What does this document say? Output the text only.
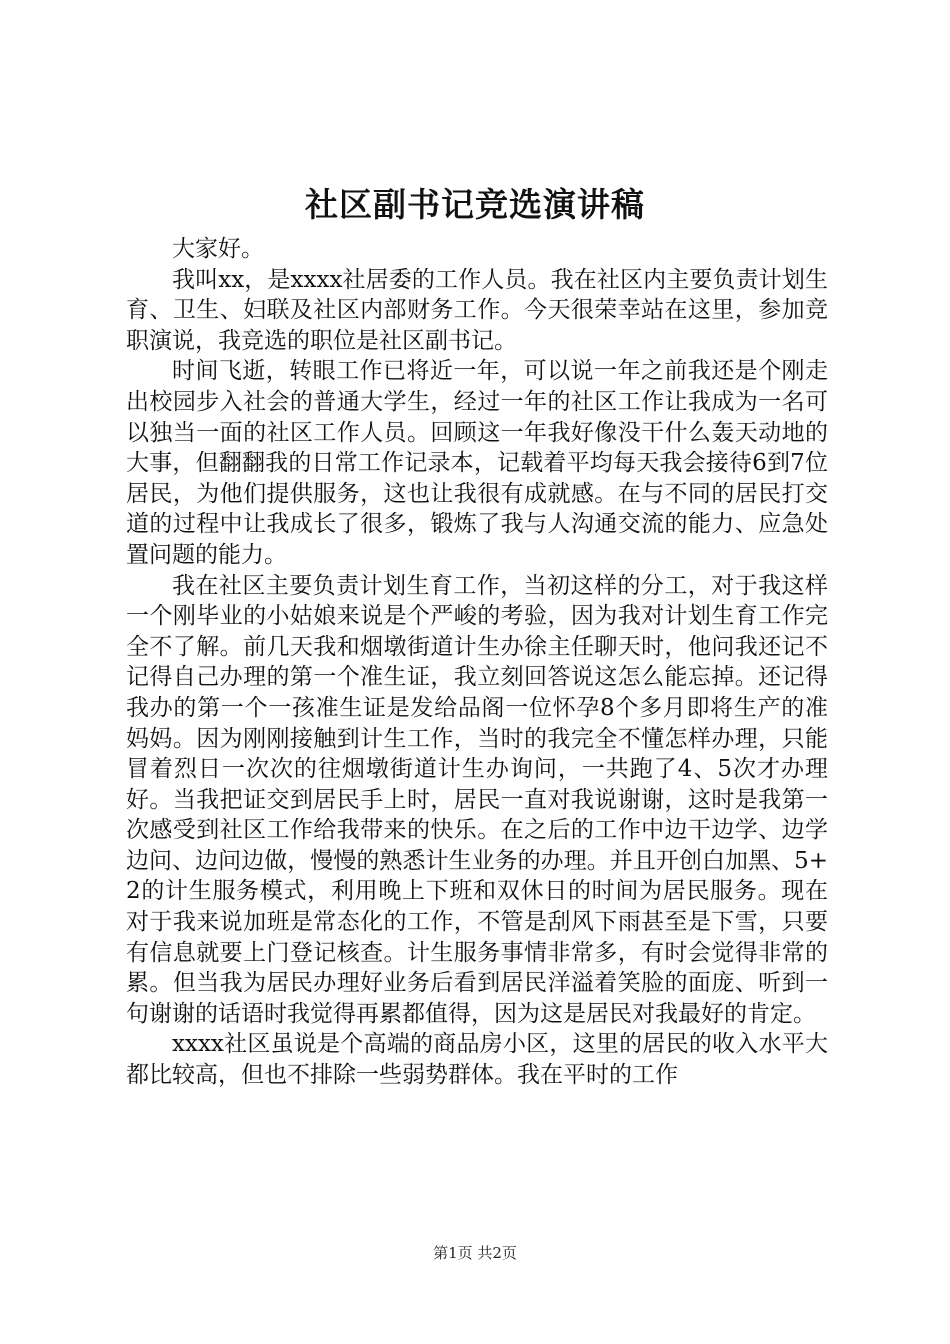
社区副书记竞选演讲稿

大家好。

我叫xx，是xxxx社居委的工作人员。我在社区内主要负责计划生育、卫生、妇联及社区内部财务工作。今天很荣幸站在这里，参加竞职演说，我竞选的职位是社区副书记。

时间飞逝，转眼工作已将近一年，可以说一年之前我还是个刚走出校园步入社会的普通大学生，经过一年的社区工作让我成为一名可以独当一面的社区工作人员。回顾这一年我好像没干什么轰天动地的大事，但翻翻我的日常工作记录本，记载着平均每天我会接待6到7位居民，为他们提供服务，这也让我很有成就感。在与不同的居民打交道的过程中让我成长了很多，锻炼了我与人沟通交流的能力、应急处置问题的能力。

我在社区主要负责计划生育工作，当初这样的分工，对于我这样一个刚毕业的小姑娘来说是个严峻的考验，因为我对计划生育工作完全不了解。前几天我和烟墩街道计生办徐主任聊天时，他问我还记不记得自己办理的第一个准生证，我立刻回答说这怎么能忘掉。还记得我办的第一个一孩准生证是发给品阁一位怀孕8个多月即将生产的准妈妈。因为刚刚接触到计生工作，当时的我完全不懂怎样办理，只能冒着烈日一次次的往烟墩街道计生办询问，一共跑了4、5次才办理好。当我把证交到居民手上时，居民一直对我说谢谢，这时是我第一次感受到社区工作给我带来的快乐。在之后的工作中边干边学、边学边问、边问边做，慢慢的熟悉计生业务的办理。并且开创白加黑、5+2的计生服务模式，利用晚上下班和双休日的时间为居民服务。现在对于我来说加班是常态化的工作，不管是刮风下雨甚至是下雪，只要有信息就要上门登记核查。计生服务事情非常多，有时会觉得非常的累。但当我为居民办理好业务后看到居民洋溢着笑脸的面庞、听到一句谢谢的话语时我觉得再累都值得，因为这是居民对我最好的肯定。

xxxx社区虽说是个高端的商品房小区，这里的居民的收入水平大都比较高，但也不排除一些弱势群体。我在平时的工作

第1页 共2页
